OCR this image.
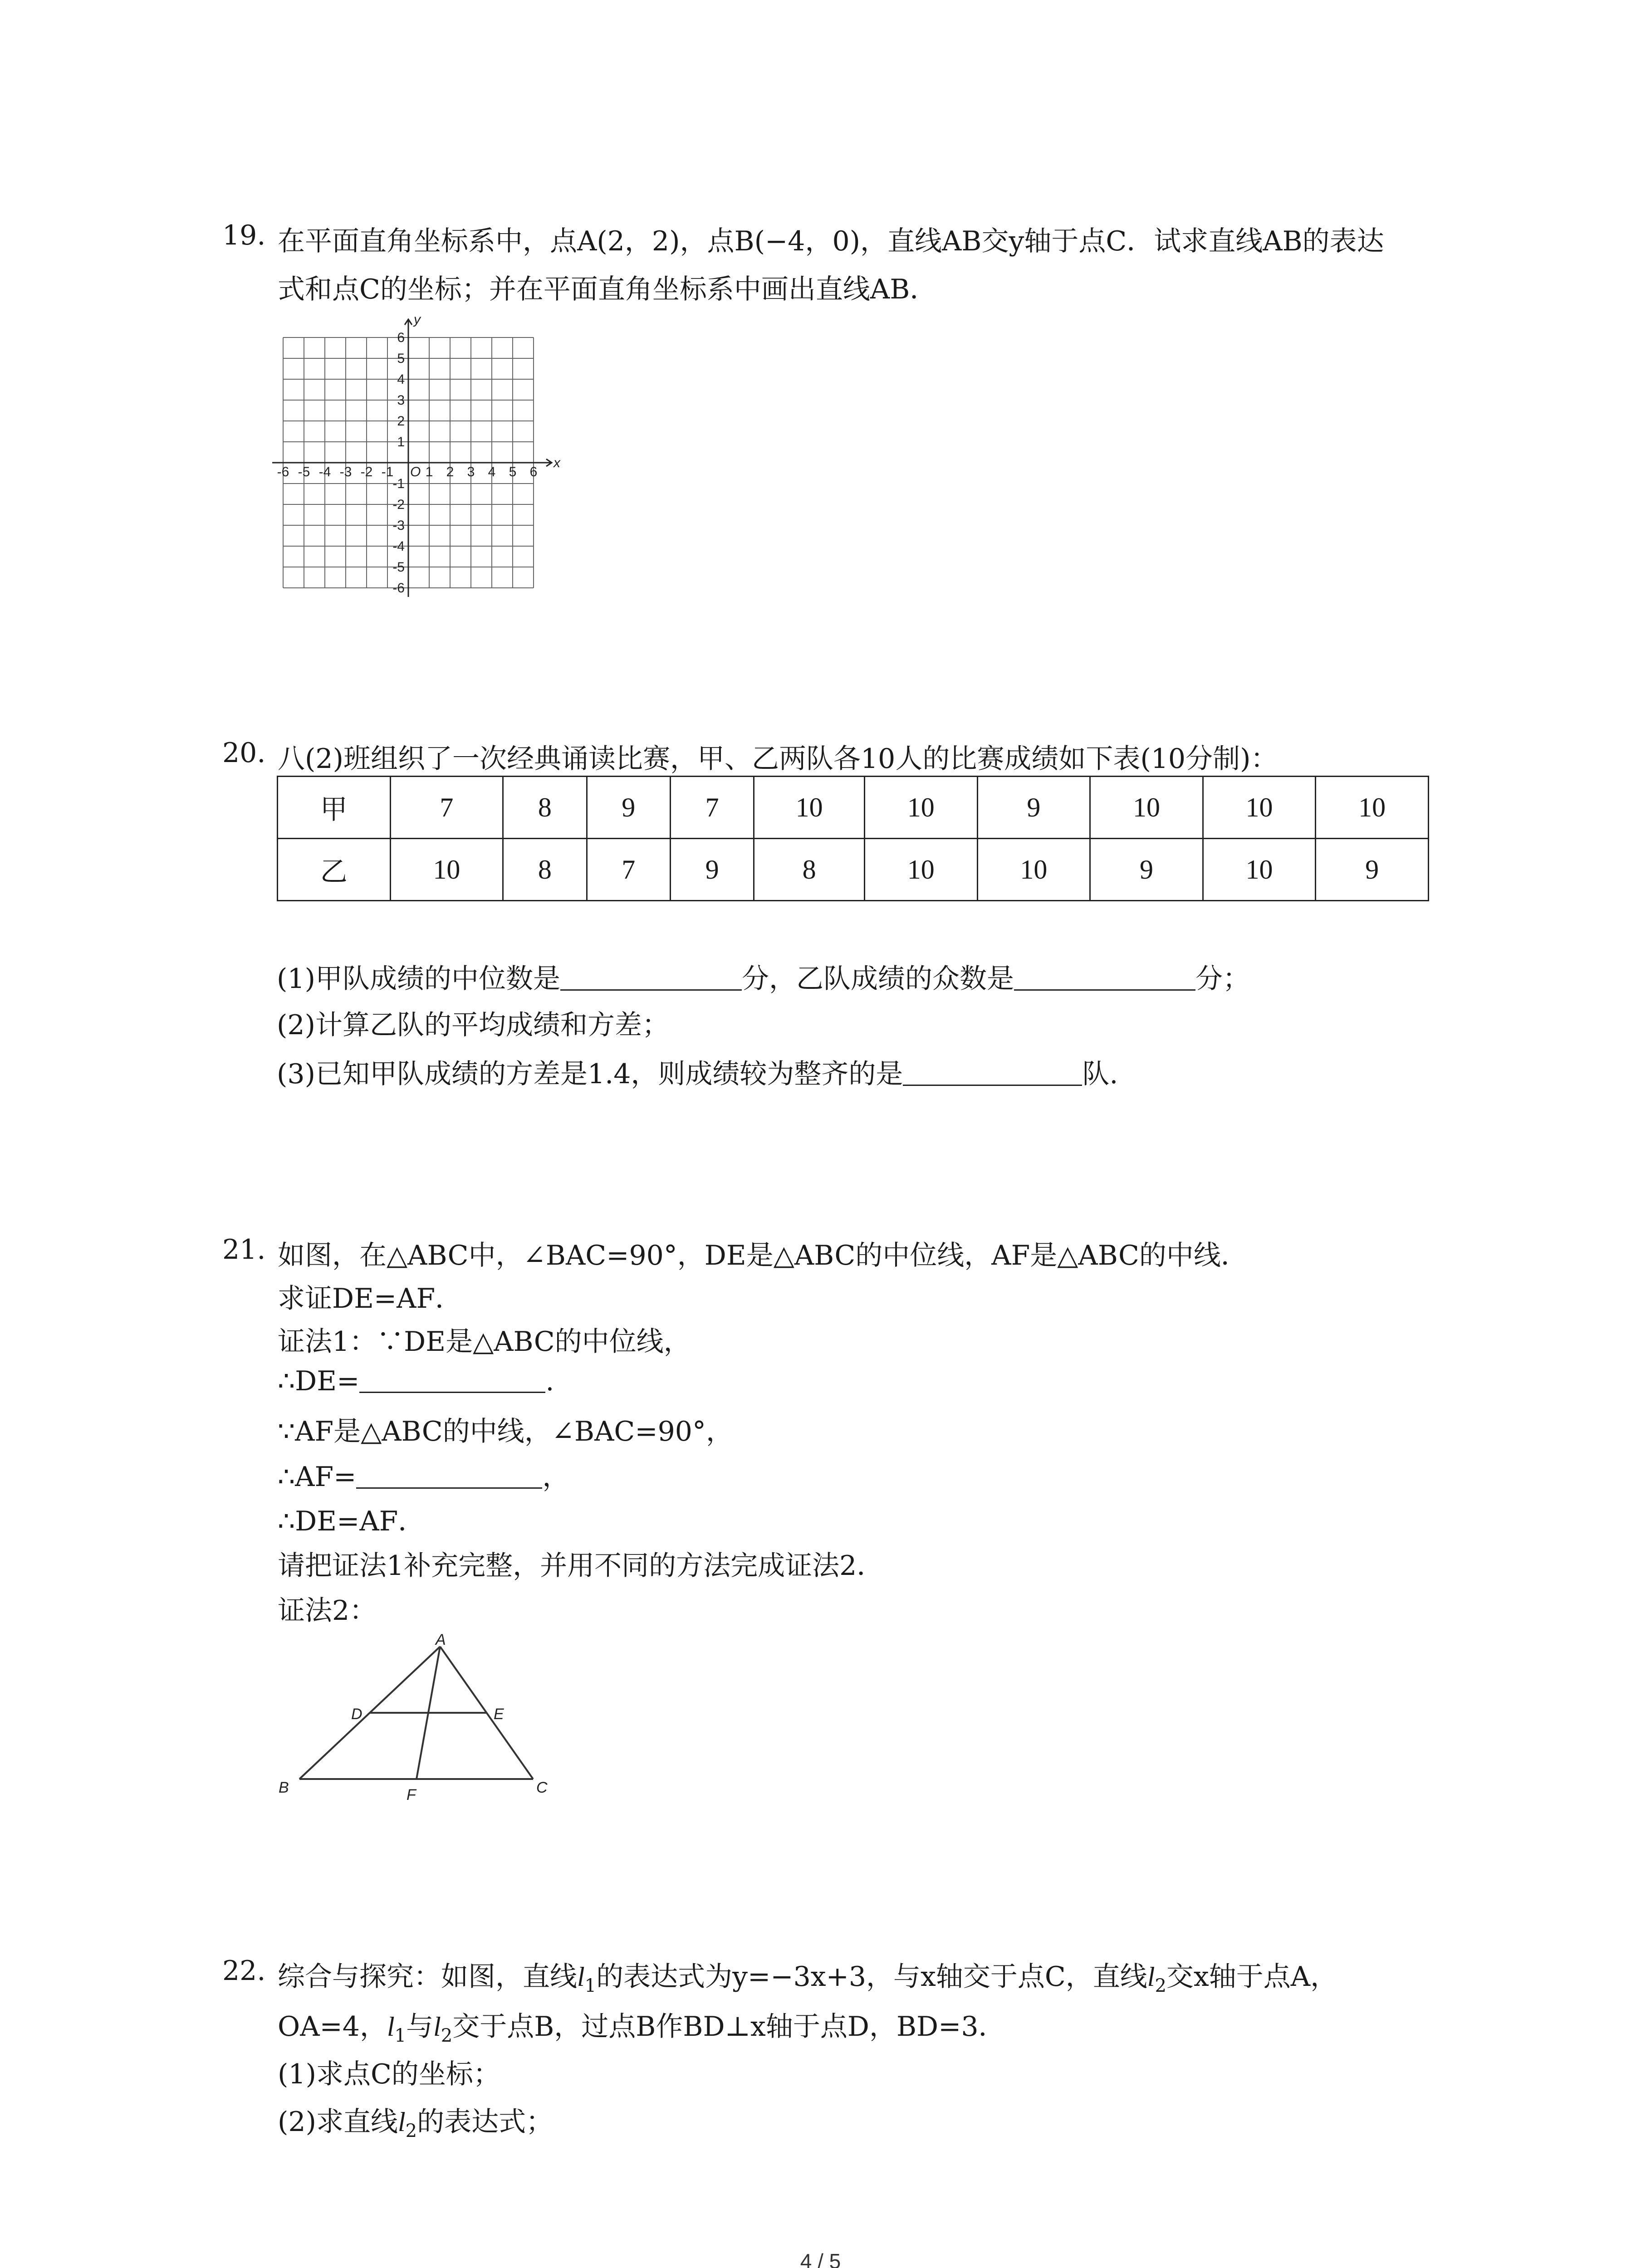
19. 在平面直角坐标系中，点A(2，2)，点B(−4，0)，直线AB交y轴于点C．试求直线AB的表达
式和点C的坐标；并在平面直角坐标系中画出直线AB．
-6 -5 -4 -3 -2 -1 1 2 3 4 5 6
6
5
4
3
2
1
-1
-2
-3
-4
-5
-6
O
x
y
20. 八(2)班组织了一次经典诵读比赛，甲、乙两队各10人的比赛成绩如下表(10分制)：
甲	7	8	9	7	10	10	9	10	10	10
乙	10	8	7	9	8	10	10	9	10	9
(1)甲队成绩的中位数是	分，乙队成绩的众数是	分；
(2)计算乙队的平均成绩和方差；
(3)已知甲队成绩的方差是1.4，则成绩较为整齐的是	队.
21. 如图，在△ABC中，∠BAC=90°，DE是△ABC的中位线，AF是△ABC的中线．
求证DE=AF．
证法1：∵DE是△ABC的中位线，
∴DE=	.
∵AF是△ABC的中线，∠BAC=90°，
∴AF=	，
∴DE=AF．
请把证法1补充完整，并用不同的方法完成证法2．
证法2：
A
D	E
B	F	C
22. 综合与探究：如图，直线$l_1$的表达式为y=−3x+3，与x轴交于点C，直线$l_2$交x轴于点A，
OA=4，$l_1$与$l_2$交于点B，过点B作BD⊥x轴于点D，BD=3．
(1)求点C的坐标；
(2)求直线$l_2$的表达式；
4 / 5
